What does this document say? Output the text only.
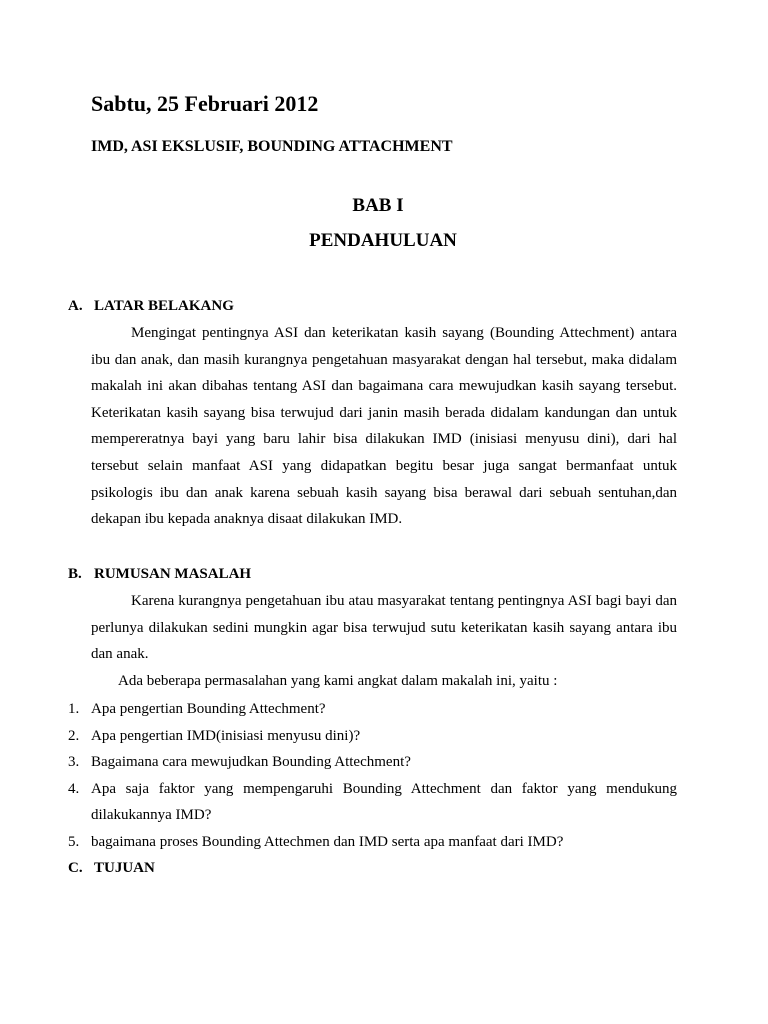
Sabtu, 25 Februari 2012
IMD, ASI EKSLUSIF, BOUNDING ATTACHMENT
BAB I
PENDAHULUAN
A. LATAR BELAKANG

Mengingat pentingnya ASI dan keterikatan kasih sayang (Bounding Attechment) antara ibu dan anak, dan masih kurangnya pengetahuan masyarakat dengan hal tersebut, maka didalam makalah ini akan dibahas tentang ASI dan bagaimana cara mewujudkan kasih sayang tersebut. Keterikatan kasih sayang bisa terwujud dari janin masih berada didalam kandungan dan untuk mempereratnya bayi yang baru lahir bisa dilakukan IMD (inisiasi menyusu dini), dari hal tersebut selain manfaat ASI yang didapatkan begitu besar juga sangat bermanfaat untuk psikologis ibu dan anak karena sebuah kasih sayang bisa berawal dari sebuah sentuhan,dan dekapan ibu kepada anaknya disaat dilakukan IMD.

B. RUMUSAN MASALAH

Karena kurangnya pengetahuan ibu atau masyarakat tentang pentingnya ASI bagi bayi dan perlunya dilakukan sedini mungkin agar bisa terwujud sutu keterikatan kasih sayang antara ibu dan anak.

Ada beberapa permasalahan yang kami angkat dalam makalah ini, yaitu :
1. Apa pengertian Bounding Attechment?
2. Apa pengertian IMD(inisiasi menyusu dini)?
3. Bagaimana cara mewujudkan Bounding Attechment?
4. Apa saja faktor yang mempengaruhi Bounding Attechment dan faktor yang mendukung dilakukannya IMD?
5. bagaimana proses Bounding Attechmen dan IMD serta apa manfaat dari IMD?
C. TUJUAN
